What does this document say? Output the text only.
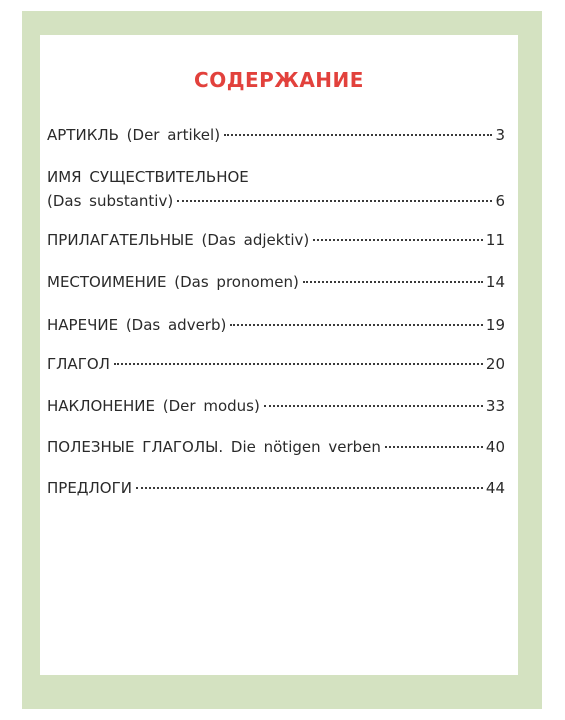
СОДЕРЖАНИЕ
АРТИКЛЬ (Der artikel)	3
ИМЯ СУЩЕСТВИТЕЛЬНОЕ
(Das substantiv)	6
ПРИЛАГАТЕЛЬНЫЕ (Das adjektiv)	11
МЕСТОИМЕНИЕ (Das pronomen)	14
НАРЕЧИЕ (Das adverb)	19
ГЛАГОЛ	20
НАКЛОНЕНИЕ (Der modus)	33
ПОЛЕЗНЫЕ ГЛАГОЛЫ. Die nötigen verben	40
ПРЕДЛОГИ	44
